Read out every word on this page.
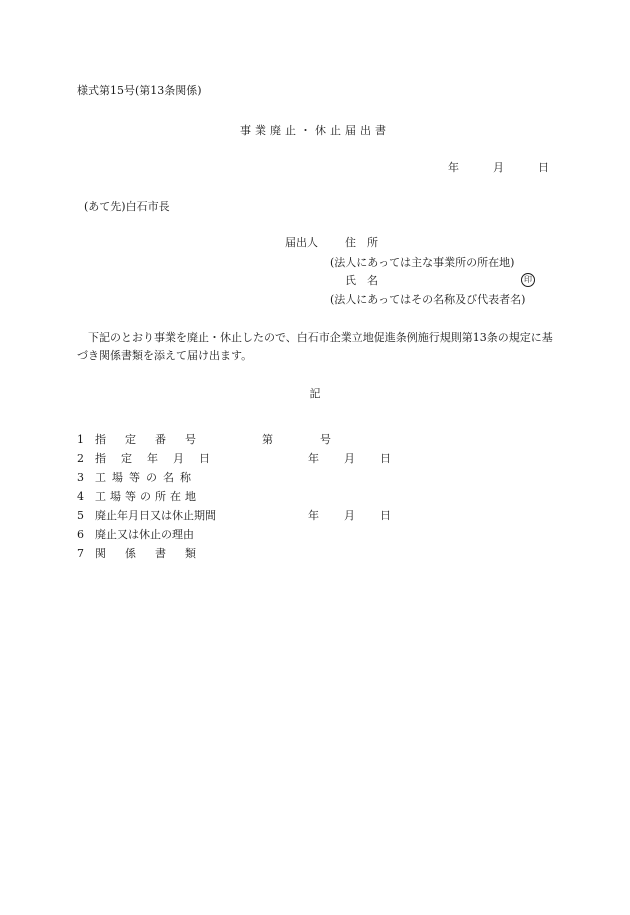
様式第15号(第13条関係)
事業廃止・休止届出書
年	月	日
(あて先)白石市長
届出人 住　所
(法人にあっては主な事業所の所在地)
氏　名	印
(法人にあってはその名称及び代表者名)
下記のとおり事業を廃止・休止したので、白石市企業立地促進条例施行規則第13条の規定に基づき関係書類を添えて届け出ます。
記
1 指　定　番　号	第	号
2 指定年月日	年 月 日
3 工場等の名称
4 工場等の所在地
5 廃止年月日又は休止期間	年 月 日
6 廃止又は休止の理由
7 関　係　書　類
